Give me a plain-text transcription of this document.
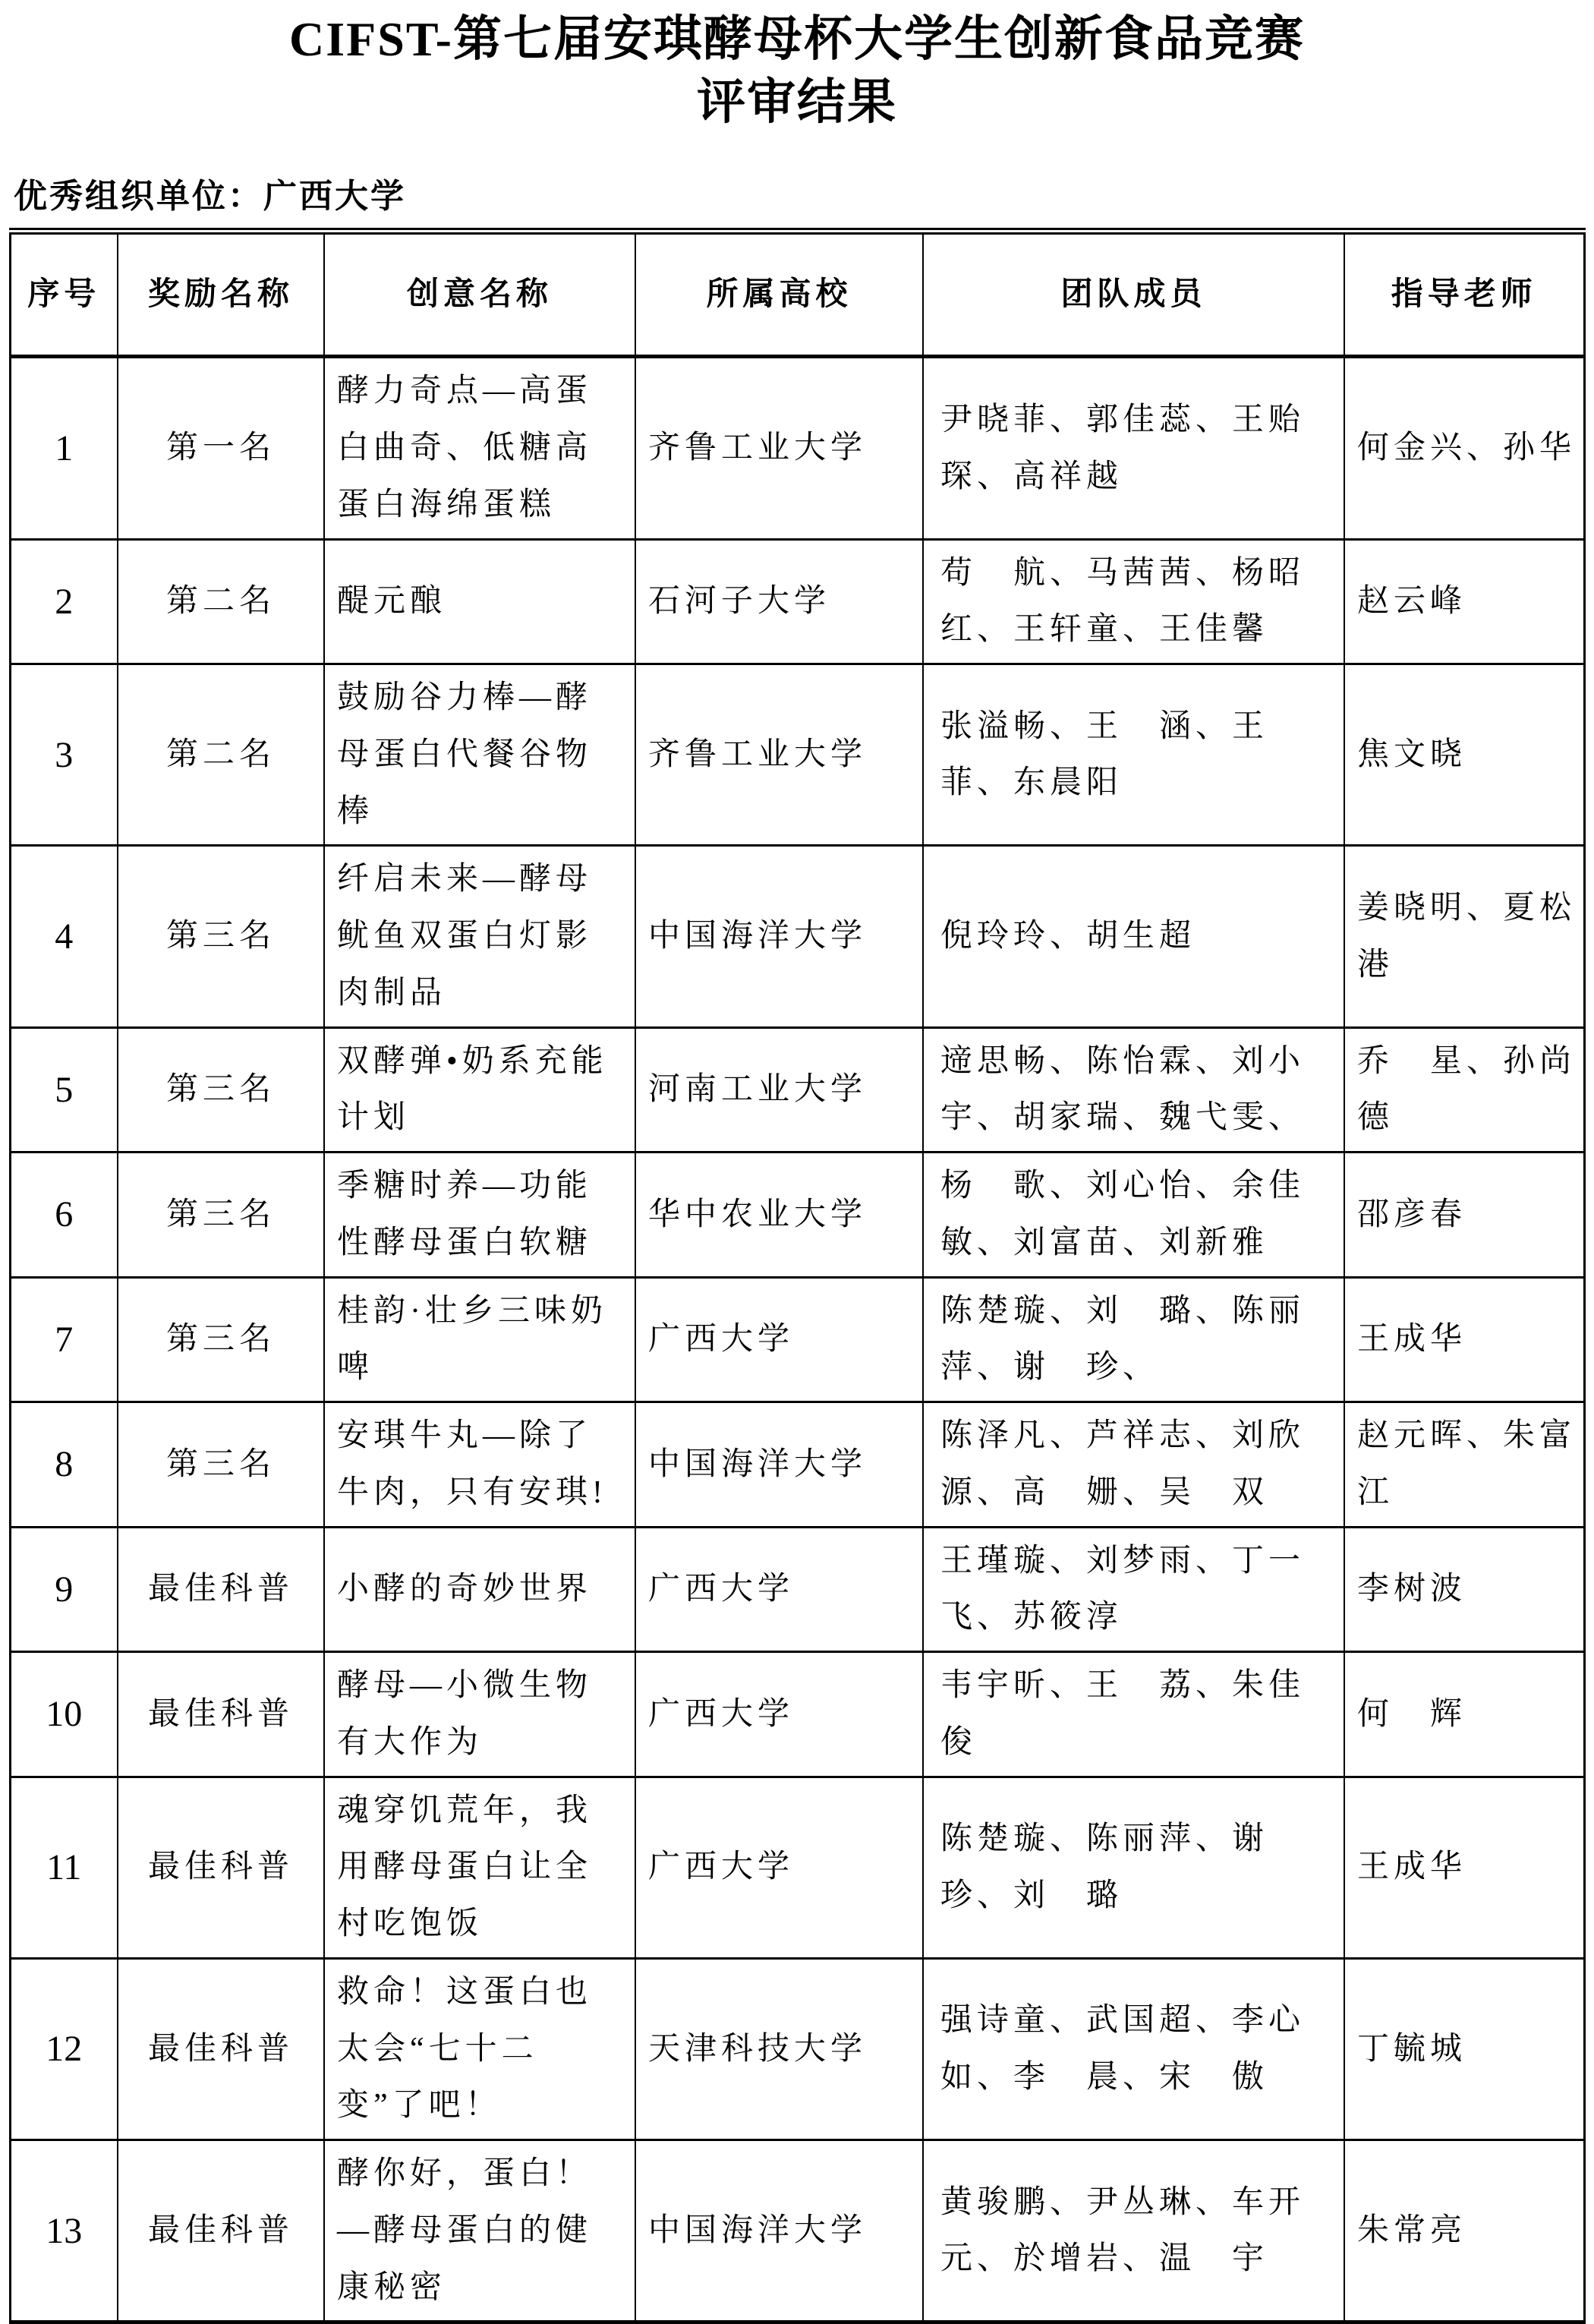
CIFST-第七届安琪酵母杯大学生创新食品竞赛
评审结果
优秀组织单位：广西大学
序号	奖励名称	创意名称	所属高校	团队成员	指导老师
1	第一名	酵力奇点—高蛋白曲奇、低糖高蛋白海绵蛋糕	齐鲁工业大学	尹晓菲、郭佳蕊、王贻琛、高祥越	何金兴、孙华
2	第二名	醍元酿	石河子大学	苟　航、马茜茜、杨昭红、王轩童、王佳馨	赵云峰
3	第二名	鼓励谷力棒—酵母蛋白代餐谷物棒	齐鲁工业大学	张溢畅、王　涵、王菲、东晨阳	焦文晓
4	第三名	纤启未来—酵母鱿鱼双蛋白灯影肉制品	中国海洋大学	倪玲玲、胡生超	姜晓明、夏松港
5	第三名	双酵弹•奶系充能计划	河南工业大学	遆思畅、陈怡霖、刘小宇、胡家瑞、魏弋雯、	乔　星、孙尚德
6	第三名	季糖时养—功能性酵母蛋白软糖	华中农业大学	杨　歌、刘心怡、余佳敏、刘富苗、刘新雅	邵彦春
7	第三名	桂韵·壮乡三味奶啤	广西大学	陈楚璇、刘　璐、陈丽萍、谢　珍、	王成华
8	第三名	安琪牛丸—除了牛肉，只有安琪!	中国海洋大学	陈泽凡、芦祥志、刘欣源、高　姗、吴　双	赵元晖、朱富江
9	最佳科普	小酵的奇妙世界	广西大学	王瑾璇、刘梦雨、丁一飞、苏筱淳	李树波
10	最佳科普	酵母—小微生物有大作为	广西大学	韦宇昕、王　荔、朱佳俊	何　辉
11	最佳科普	魂穿饥荒年，我用酵母蛋白让全村吃饱饭	广西大学	陈楚璇、陈丽萍、谢　珍、刘　璐	王成华
12	最佳科普	救命！这蛋白也太会“七十二变”了吧！	天津科技大学	强诗童、武国超、李心如、李　晨、宋　傲	丁毓城
13	最佳科普	酵你好，蛋白！—酵母蛋白的健康秘密	中国海洋大学	黄骏鹏、尹丛琳、车开元、於增岩、温　宇	朱常亮
